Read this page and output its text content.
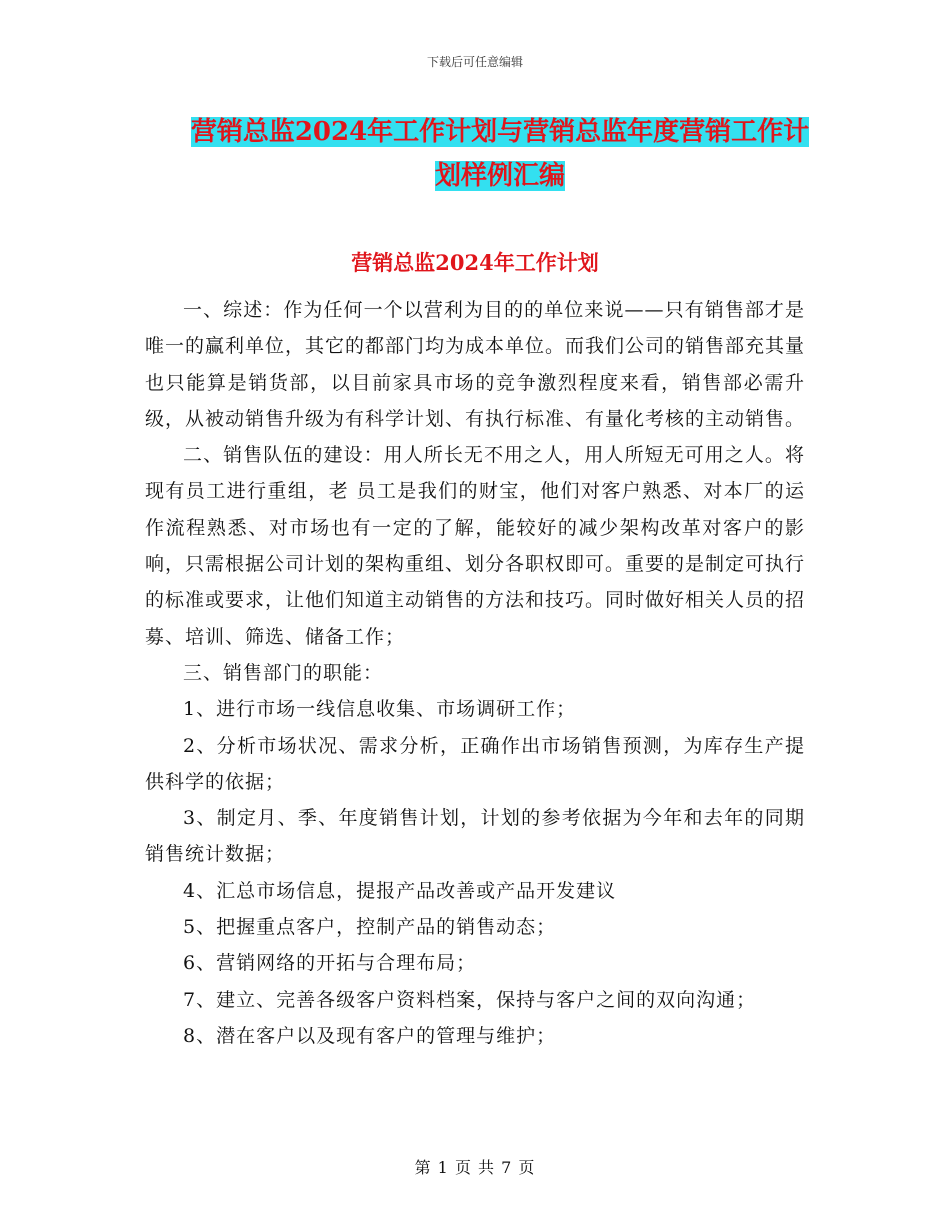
下载后可任意编辑
营销总监2024年工作计划与营销总监年度营销工作计
划样例汇编
营销总监2024年工作计划

一、综述：作为任何一个以营利为目的的单位来说——只有销售部才是唯一的赢利单位，其它的都部门均为成本单位。而我们公司的销售部充其量也只能算是销货部，以目前家具市场的竞争激烈程度来看，销售部必需升级，从被动销售升级为有科学计划、有执行标准、有量化考核的主动销售。

二、销售队伍的建设：用人所长无不用之人，用人所短无可用之人。将现有员工进行重组，老 员工是我们的财宝，他们对客户熟悉、对本厂的运作流程熟悉、对市场也有一定的了解，能较好的减少架构改革对客户的影响，只需根据公司计划的架构重组、划分各职权即可。重要的是制定可执行的标准或要求，让他们知道主动销售的方法和技巧。同时做好相关人员的招募、培训、筛选、储备工作；

三、销售部门的职能：

1、进行市场一线信息收集、市场调研工作；

2、分析市场状况、需求分析，正确作出市场销售预测，为库存生产提供科学的依据；

3、制定月、季、年度销售计划，计划的参考依据为今年和去年的同期销售统计数据；

4、汇总市场信息，提报产品改善或产品开发建议

5、把握重点客户，控制产品的销售动态；

6、营销网络的开拓与合理布局；

7、建立、完善各级客户资料档案，保持与客户之间的双向沟通；

8、潜在客户以及现有客户的管理与维护；

第 1 页 共 7 页
